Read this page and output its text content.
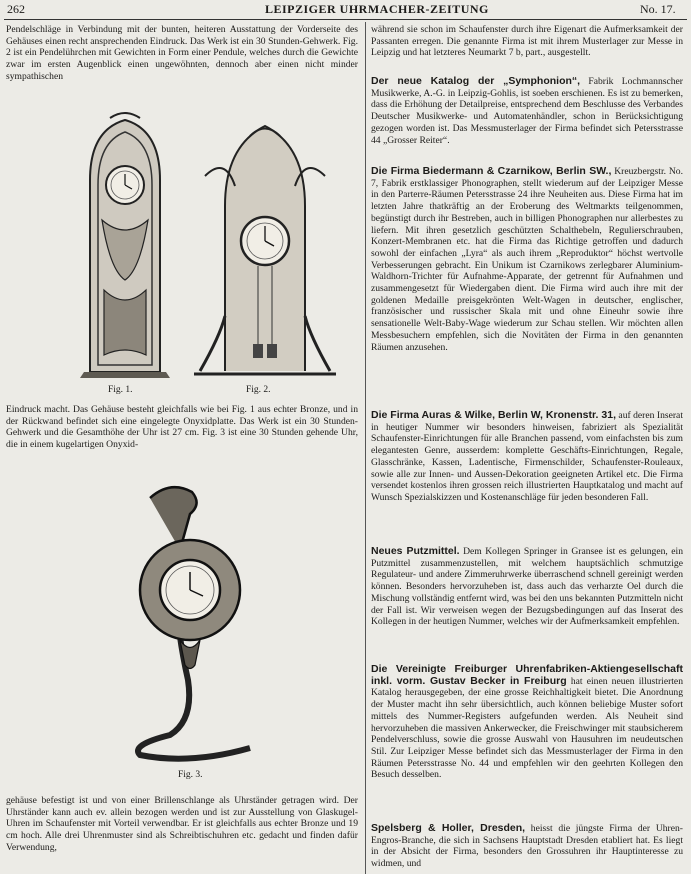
262	LEIPZIGER UHRMACHER-ZEITUNG	No. 17.

Pendelschläge in Verbindung mit der bunten, heiteren Ausstattung der Vorderseite des Gehäuses einen recht ansprechenden Eindruck. Das Werk ist ein 30 Stunden-Gehwerk. Fig. 2 ist ein Pendelührchen mit Gewichten in Form einer Pendule, welches durch die Gewichte zwar im ersten Augenblick einen ungewöhnten, dennoch aber einen nicht minder sympathischen

Fig. 1.	Fig. 2.

Eindruck macht. Das Gehäuse besteht gleichfalls wie bei Fig. 1 aus echter Bronze, und in der Rückwand befindet sich eine eingelegte Onyxidplatte. Das Werk ist ein 30 Stunden-Gehwerk und die Gesamthöhe der Uhr ist 27 cm. Fig. 3 ist eine 30 Stunden gehende Uhr, die in einem kugelartigen Onyxid-

Fig. 3.

gehäuse befestigt ist und von einer Brillenschlange als Uhrständer getragen wird. Der Uhrständer kann auch ev. allein bezogen werden und ist zur Ausstellung von Glaskugel-Uhren im Schaufenster mit Vorteil verwendbar. Er ist gleichfalls aus echter Bronze und 19 cm hoch. Alle drei Uhrenmuster sind als Schreibtischuhren etc. gedacht und finden dafür Verwendung,

während sie schon im Schaufenster durch ihre Eigenart die Aufmerksamkeit der Passanten erregen. Die genannte Firma ist mit ihrem Musterlager zur Messe in Leipzig und hat letzteres Neumarkt 7 b, part., ausgestellt.

Der neue Katalog der „Symphonion“, Fabrik Lochmannscher Musikwerke, A.-G. in Leipzig-Gohlis, ist soeben erschienen. Es ist zu bemerken, dass die Erhöhung der Detailpreise, entsprechend dem Beschlusse des Verbandes Deutscher Musikwerke- und Automatenhändler, schon in Berücksichtigung gezogen worden ist. Das Messmusterlager der Firma befindet sich Petersstrasse 44 „Grosser Reiter“.

Die Firma Biedermann & Czarnikow, Berlin SW., Kreuzbergstr. No. 7, Fabrik erstklassiger Phonographen, stellt wiederum auf der Leipziger Messe in den Parterre-Räumen Petersstrasse 24 ihre Neuheiten aus. Diese Firma hat im letzten Jahre thatkräftig an der Eroberung des Weltmarkts teilgenommen, begünstigt durch ihr Bestreben, auch in billigen Phonographen nur allerbestes zu liefern. Mit ihren gesetzlich geschützten Schalthebeln, Regulierschrauben, Konzert-Membranen etc. hat die Firma das Richtige getroffen und dadurch sowohl der einfachen „Lyra“ als auch ihrem „Reproduktor“ höchst wertvolle Verbesserungen gebracht. Ein Unikum ist Czarnikows zerlegbarer Aluminium-Waldhorn-Trichter für Aufnahme-Apparate, der getrennt für Aufnahmen und zusammengesetzt für Wiedergaben dient. Die Firma wird auch ihre mit der goldenen Medaille preisgekrönten Welt-Wagen in deutscher, englischer, französischer und russischer Skala mit und ohne Eineuhr sowie ihre sensationelle Welt-Baby-Wage wiederum zur Schau stellen. Wir möchten allen Messbesuchern empfehlen, sich die Novitäten der Firma in den genannten Räumen anzusehen.

Die Firma Auras & Wilke, Berlin W, Kronenstr. 31, auf deren Inserat in heutiger Nummer wir besonders hinweisen, fabriziert als Spezialität Schaufenster-Einrichtungen für alle Branchen passend, vom einfachsten bis zum elegantesten Genre, ausserdem: komplette Geschäfts-Einrichtungen, Regale, Glasschränke, Kassen, Ladentische, Firmenschilder, Schaufenster-Rouleaux, sowie alle zur Innen- und Aussen-Dekoration geeigneten Artikel etc. Die Firma versendet kostenlos ihren grossen reich illustrierten Hauptkatalog und macht auf Wunsch Spezialskizzen und Kostenanschläge für jeden besonderen Fall.

Neues Putzmittel. Dem Kollegen Springer in Gransee ist es gelungen, ein Putzmittel zusammenzustellen, mit welchem hauptsächlich schmutzige Regulateur- und andere Zimmeruhrwerke überraschend schnell gereinigt werden können. Besonders hervorzuheben ist, dass auch das verharzte Oel durch die Mischung vollständig entfernt wird, was bei den uns bekannten Putzmitteln nicht der Fall ist. Wir verweisen wegen der Bezugsbedingungen auf das Inserat des Kollegen in der heutigen Nummer, welches wir der Aufmerksamkeit empfehlen.

Die Vereinigte Freiburger Uhrenfabriken-Aktiengesellschaft inkl. vorm. Gustav Becker in Freiburg hat einen neuen illustrierten Katalog herausgegeben, der eine grosse Reichhaltigkeit bietet. Die Anordnung der Muster macht ihn sehr übersichtlich, auch können beliebige Muster sofort mittels des Nummer-Registers aufgefunden werden. Als Neuheit sind hervorzuheben die massiven Ankerwecker, die Freischwinger mit staubsicherem Pendelverschluss, sowie die grosse Auswahl von Hausuhren im neudeutschen Stil. Zur Leipziger Messe befindet sich das Messmusterlager der Firma in den Räumen Petersstrasse No. 44 und empfehlen wir den geehrten Kollegen den Besuch desselben.

Spelsberg & Holler, Dresden, heisst die jüngste Firma der Uhren-Engros-Branche, die sich in Sachsens Hauptstadt Dresden etabliert hat. Es liegt in der Absicht der Firma, besonders den Grossuhren ihr Hauptinteresse zu widmen, und
